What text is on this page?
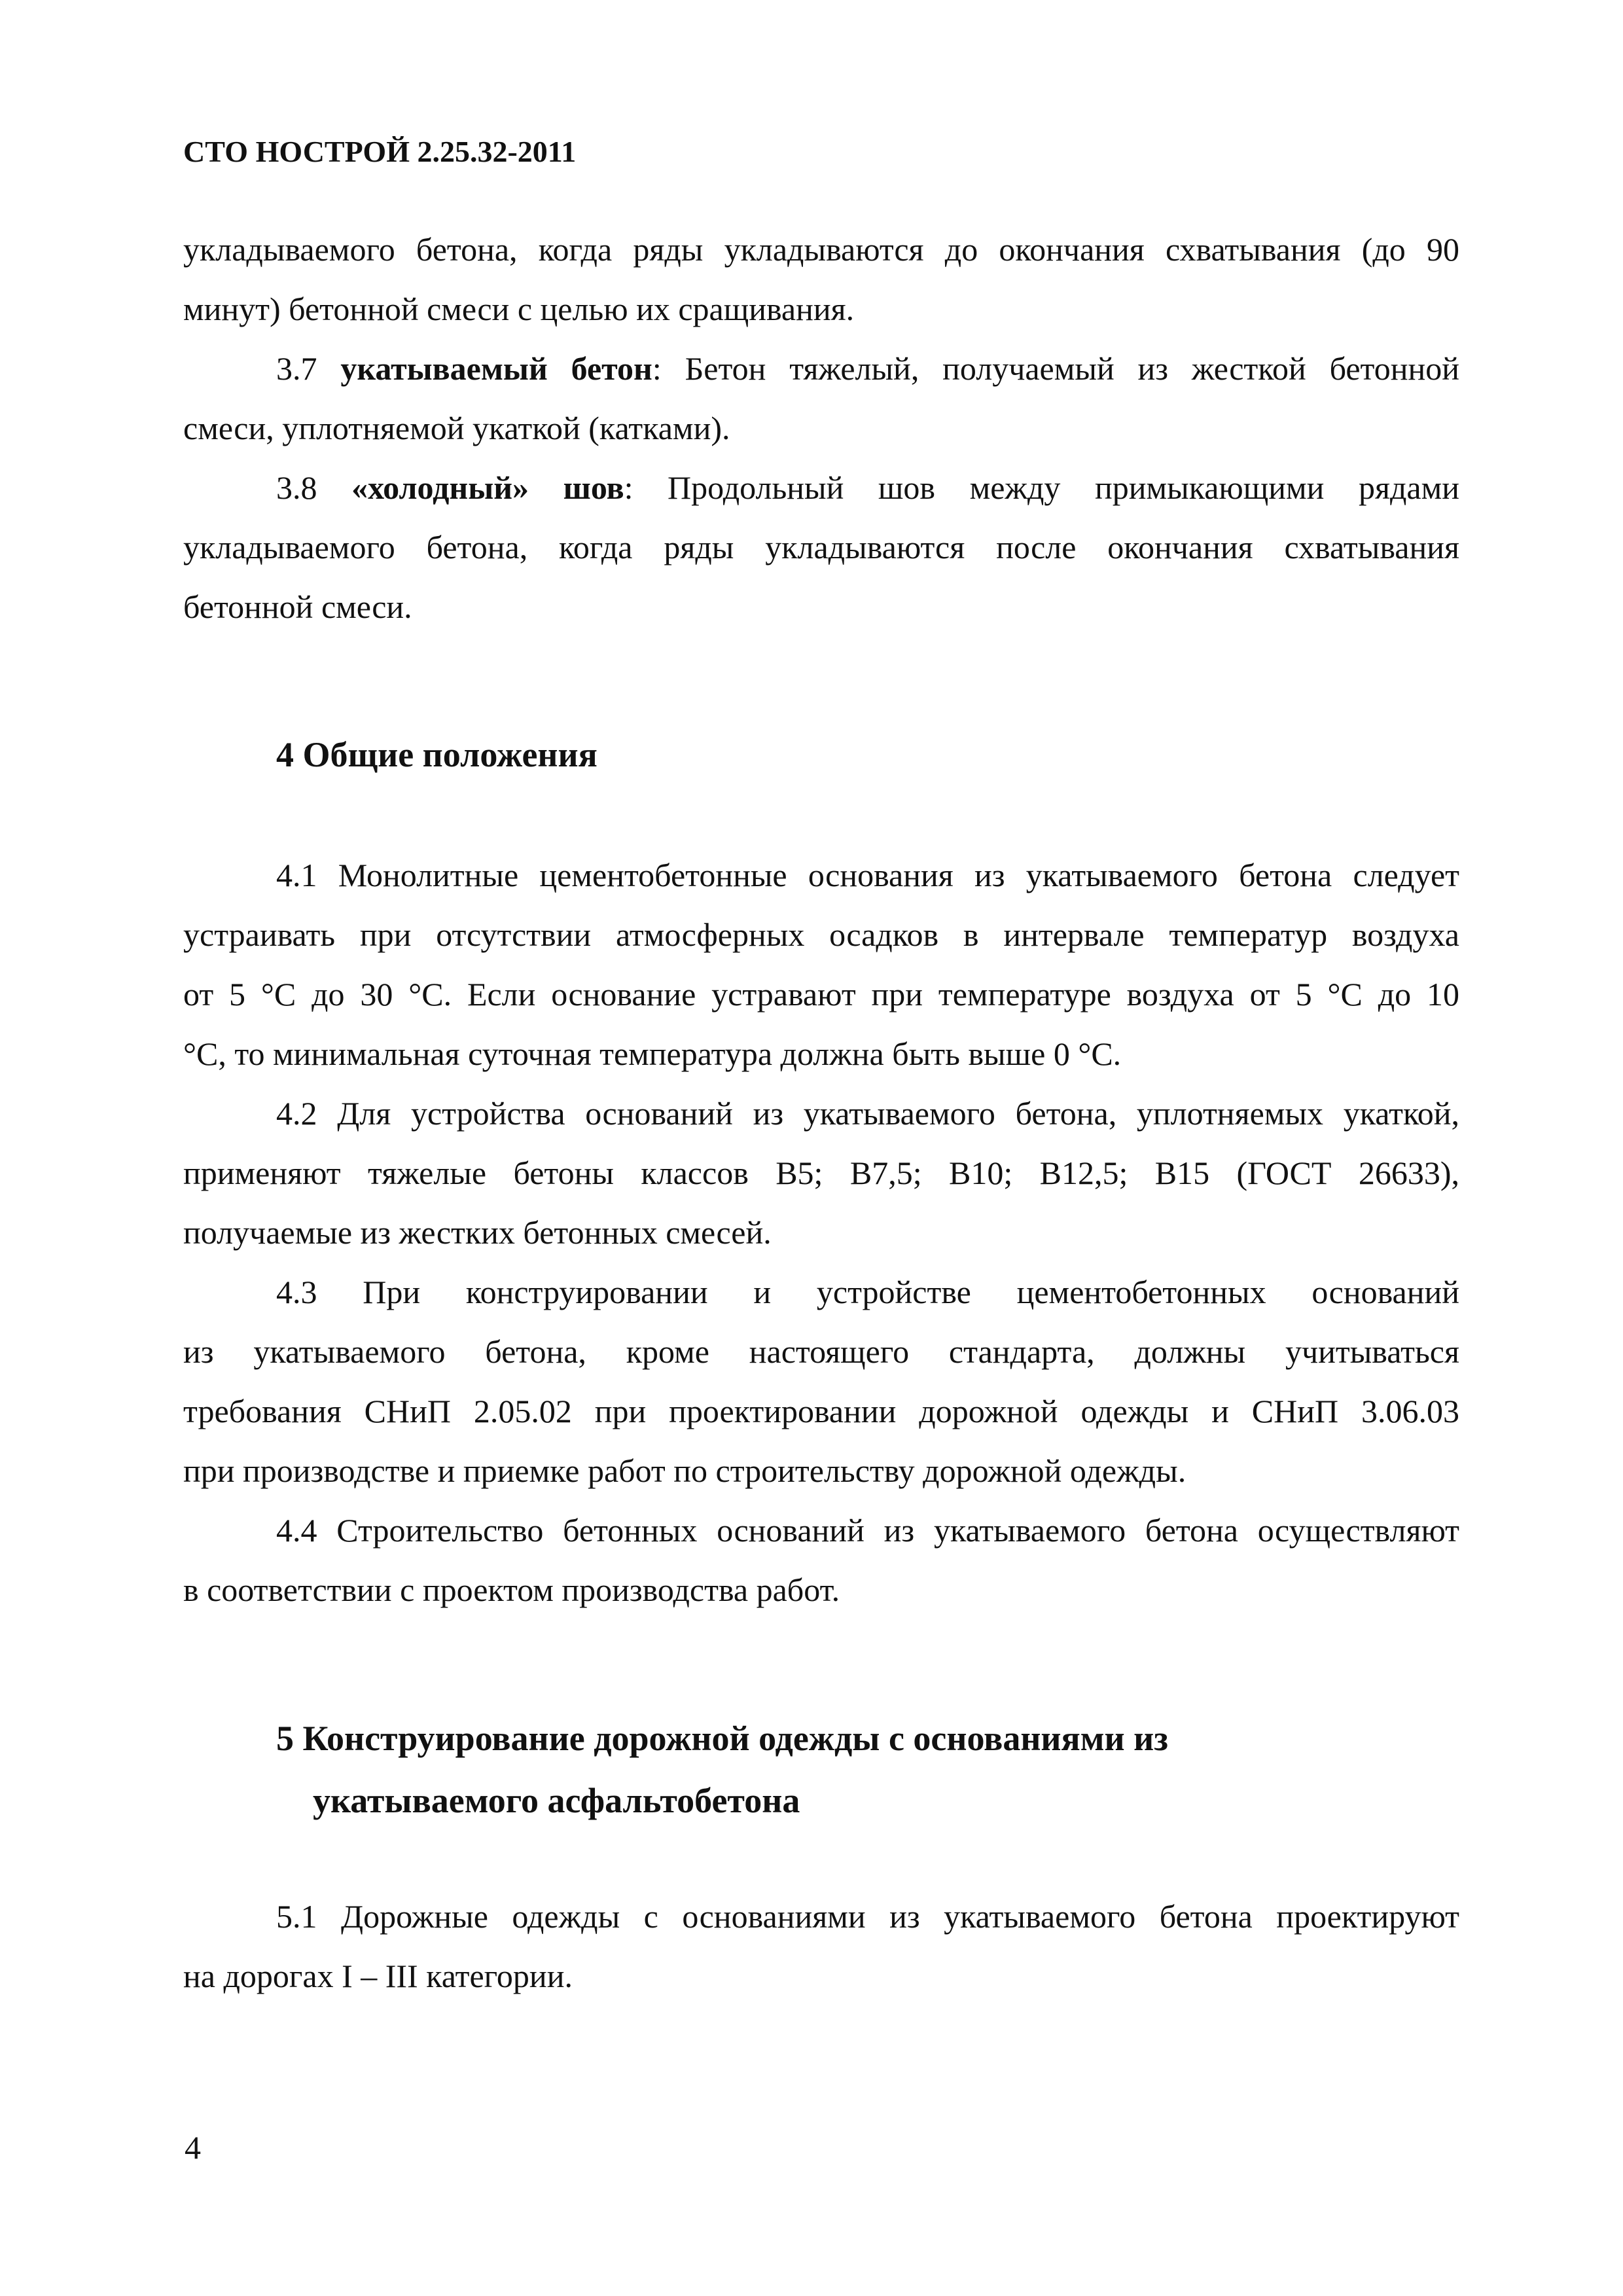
СТО НОСТРОЙ 2.25.32-2011
укладываемого бетона, когда ряды укладываются до окончания схватывания (до 90
минут) бетонной смеси с целью их сращивания.
3.7 укатываемый бетон: Бетон тяжелый, получаемый из жесткой бетонной
смеси, уплотняемой укаткой (катками).
3.8 «холодный» шов: Продольный шов между примыкающими рядами
укладываемого бетона, когда ряды укладываются после окончания схватывания
бетонной смеси.
4 Общие положения
4.1 Монолитные цементобетонные основания из укатываемого бетона следует
устраивать при отсутствии атмосферных осадков в интервале температур воздуха
от 5 °С до 30 °С. Если основание устравают при температуре воздуха от 5 °С до 10
°С, то минимальная суточная температура должна быть выше 0 °С.
4.2 Для устройства оснований из укатываемого бетона, уплотняемых укаткой,
применяют тяжелые бетоны классов В5; В7,5; В10; В12,5; В15 (ГОСТ 26633),
получаемые из жестких бетонных смесей.
4.3 При конструировании и устройстве цементобетонных оснований
из укатываемого бетона, кроме настоящего стандарта, должны учитываться
требования СНиП 2.05.02 при проектировании дорожной одежды и СНиП 3.06.03
при производстве и приемке работ по строительству дорожной одежды.
4.4 Строительство бетонных оснований из укатываемого бетона осуществляют
в соответствии с проектом производства работ.
5 Конструирование дорожной одежды с основаниями из
укатываемого асфальтобетона
5.1 Дорожные одежды с основаниями из укатываемого бетона проектируют
на дорогах I – III категории.
4
